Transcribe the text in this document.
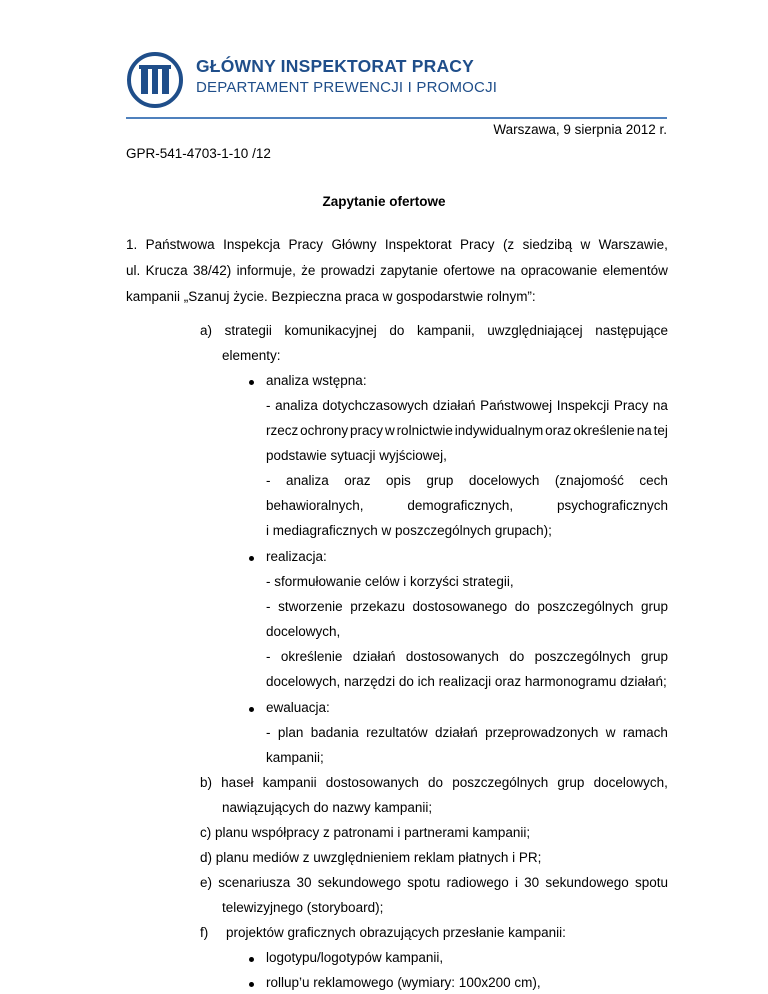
GŁÓWNY INSPEKTORAT PRACY
DEPARTAMENT PREWENCJI I PROMOCJI
Warszawa, 9 sierpnia 2012 r.
GPR-541-4703-1-10 /12
Zapytanie ofertowe
1. Państwowa Inspekcja Pracy Główny Inspektorat Pracy (z siedzibą w Warszawie,
ul. Krucza 38/42) informuje, że prowadzi zapytanie ofertowe na opracowanie elementów
kampanii „Szanuj życie. Bezpieczna praca w gospodarstwie rolnym”:
a) strategii komunikacyjnej do kampanii, uwzględniającej następujące
elementy:
analiza wstępna:
- analiza dotychczasowych działań Państwowej Inspekcji Pracy na
rzecz ochrony pracy w rolnictwie indywidualnym oraz określenie na tej
podstawie sytuacji wyjściowej,
- analiza oraz opis grup docelowych (znajomość cech
behawioralnych,	demograficznych,	psychograficznych
i mediagraficznych w poszczególnych grupach);
realizacja:
- sformułowanie celów i korzyści strategii,
- stworzenie przekazu dostosowanego do poszczególnych grup
docelowych,
- określenie działań dostosowanych do poszczególnych grup
docelowych, narzędzi do ich realizacji oraz harmonogramu działań;
ewaluacja:
- plan badania rezultatów działań przeprowadzonych w ramach
kampanii;
b) haseł kampanii dostosowanych do poszczególnych grup docelowych,
nawiązujących do nazwy kampanii;
c) planu współpracy z patronami i partnerami kampanii;
d) planu mediów z uwzględnieniem reklam płatnych i PR;
e) scenariusza 30 sekundowego spotu radiowego i 30 sekundowego spotu
telewizyjnego (storyboard);
f) projektów graficznych obrazujących przesłanie kampanii:
logotypu/logotypów kampanii,
rollup’u reklamowego (wymiary: 100x200 cm),
